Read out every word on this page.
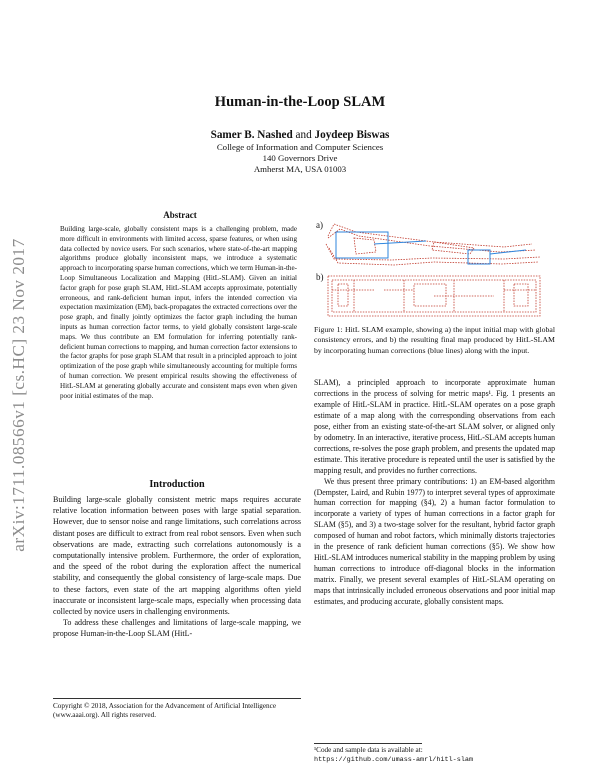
arXiv:1711.08566v1 [cs.HC] 23 Nov 2017
Human-in-the-Loop SLAM
Samer B. Nashed and Joydeep Biswas
College of Information and Computer Sciences
140 Governors Drive
Amherst MA, USA 01003
Abstract
Building large-scale, globally consistent maps is a challenging problem, made more difficult in environments with limited access, sparse features, or when using data collected by novice users. For such scenarios, where state-of-the-art mapping algorithms produce globally inconsistent maps, we introduce a systematic approach to incorporating sparse human corrections, which we term Human-in-the-Loop Simultaneous Localization and Mapping (HitL-SLAM). Given an initial factor graph for pose graph SLAM, HitL-SLAM accepts approximate, potentially erroneous, and rank-deficient human input, infers the intended correction via expectation maximization (EM), back-propagates the extracted corrections over the pose graph, and finally jointly optimizes the factor graph including the human inputs as human correction factor terms, to yield globally consistent large-scale maps. We thus contribute an EM formulation for inferring potentially rank-deficient human corrections to mapping, and human correction factor extensions to the factor graphs for pose graph SLAM that result in a principled approach to joint optimization of the pose graph while simultaneously accounting for multiple forms of human correction. We present empirical results showing the effectiveness of HitL-SLAM at generating globally accurate and consistent maps even when given poor initial estimates of the map.
Introduction

Building large-scale globally consistent metric maps requires accurate relative location information between poses with large spatial separation. However, due to sensor noise and range limitations, such correlations across distant poses are difficult to extract from real robot sensors. Even when such observations are made, extracting such correlations autonomously is a computationally intensive problem. Furthermore, the order of exploration, and the speed of the robot during the exploration affect the numerical stability, and consequently the global consistency of large-scale maps. Due to these factors, even state of the art mapping algorithms often yield inaccurate or inconsistent large-scale maps, especially when processing data collected by novice users in challenging environments.

To address these challenges and limitations of large-scale mapping, we propose Human-in-the-Loop SLAM (HitL-

Copyright © 2018, Association for the Advancement of Artificial Intelligence (www.aaai.org). All rights reserved.
a)
b)
Figure 1: HitL SLAM example, showing a) the input initial map with global consistency errors, and b) the resulting final map produced by HitL-SLAM by incorporating human corrections (blue lines) along with the input.

SLAM), a principled approach to incorporate approximate human corrections in the process of solving for metric maps¹. Fig. 1 presents an example of HitL-SLAM in practice. HitL-SLAM operates on a pose graph estimate of a map along with the corresponding observations from each pose, either from an existing state-of-the-art SLAM solver, or aligned only by odometry. In an interactive, iterative process, HitL-SLAM accepts human corrections, re-solves the pose graph problem, and presents the updated map estimate. This iterative procedure is repeated until the user is satisfied by the mapping result, and provides no further corrections.

We thus present three primary contributions: 1) an EM-based algorithm (Dempster, Laird, and Rubin 1977) to interpret several types of approximate human correction for mapping (§4), 2) a human factor formulation to incorporate a variety of types of human corrections in a factor graph for SLAM (§5), and 3) a two-stage solver for the resultant, hybrid factor graph composed of human and robot factors, which minimally distorts trajectories in the presence of rank deficient human corrections (§5). We show how HitL-SLAM introduces numerical stability in the mapping problem by using human corrections to introduce off-diagonal blocks in the information matrix. Finally, we present several examples of HitL-SLAM operating on maps that intrinsically included erroneous observations and poor initial map estimates, and producing accurate, globally consistent maps.

¹Code and sample data is available at:
https://github.com/umass-amrl/hitl-slam
